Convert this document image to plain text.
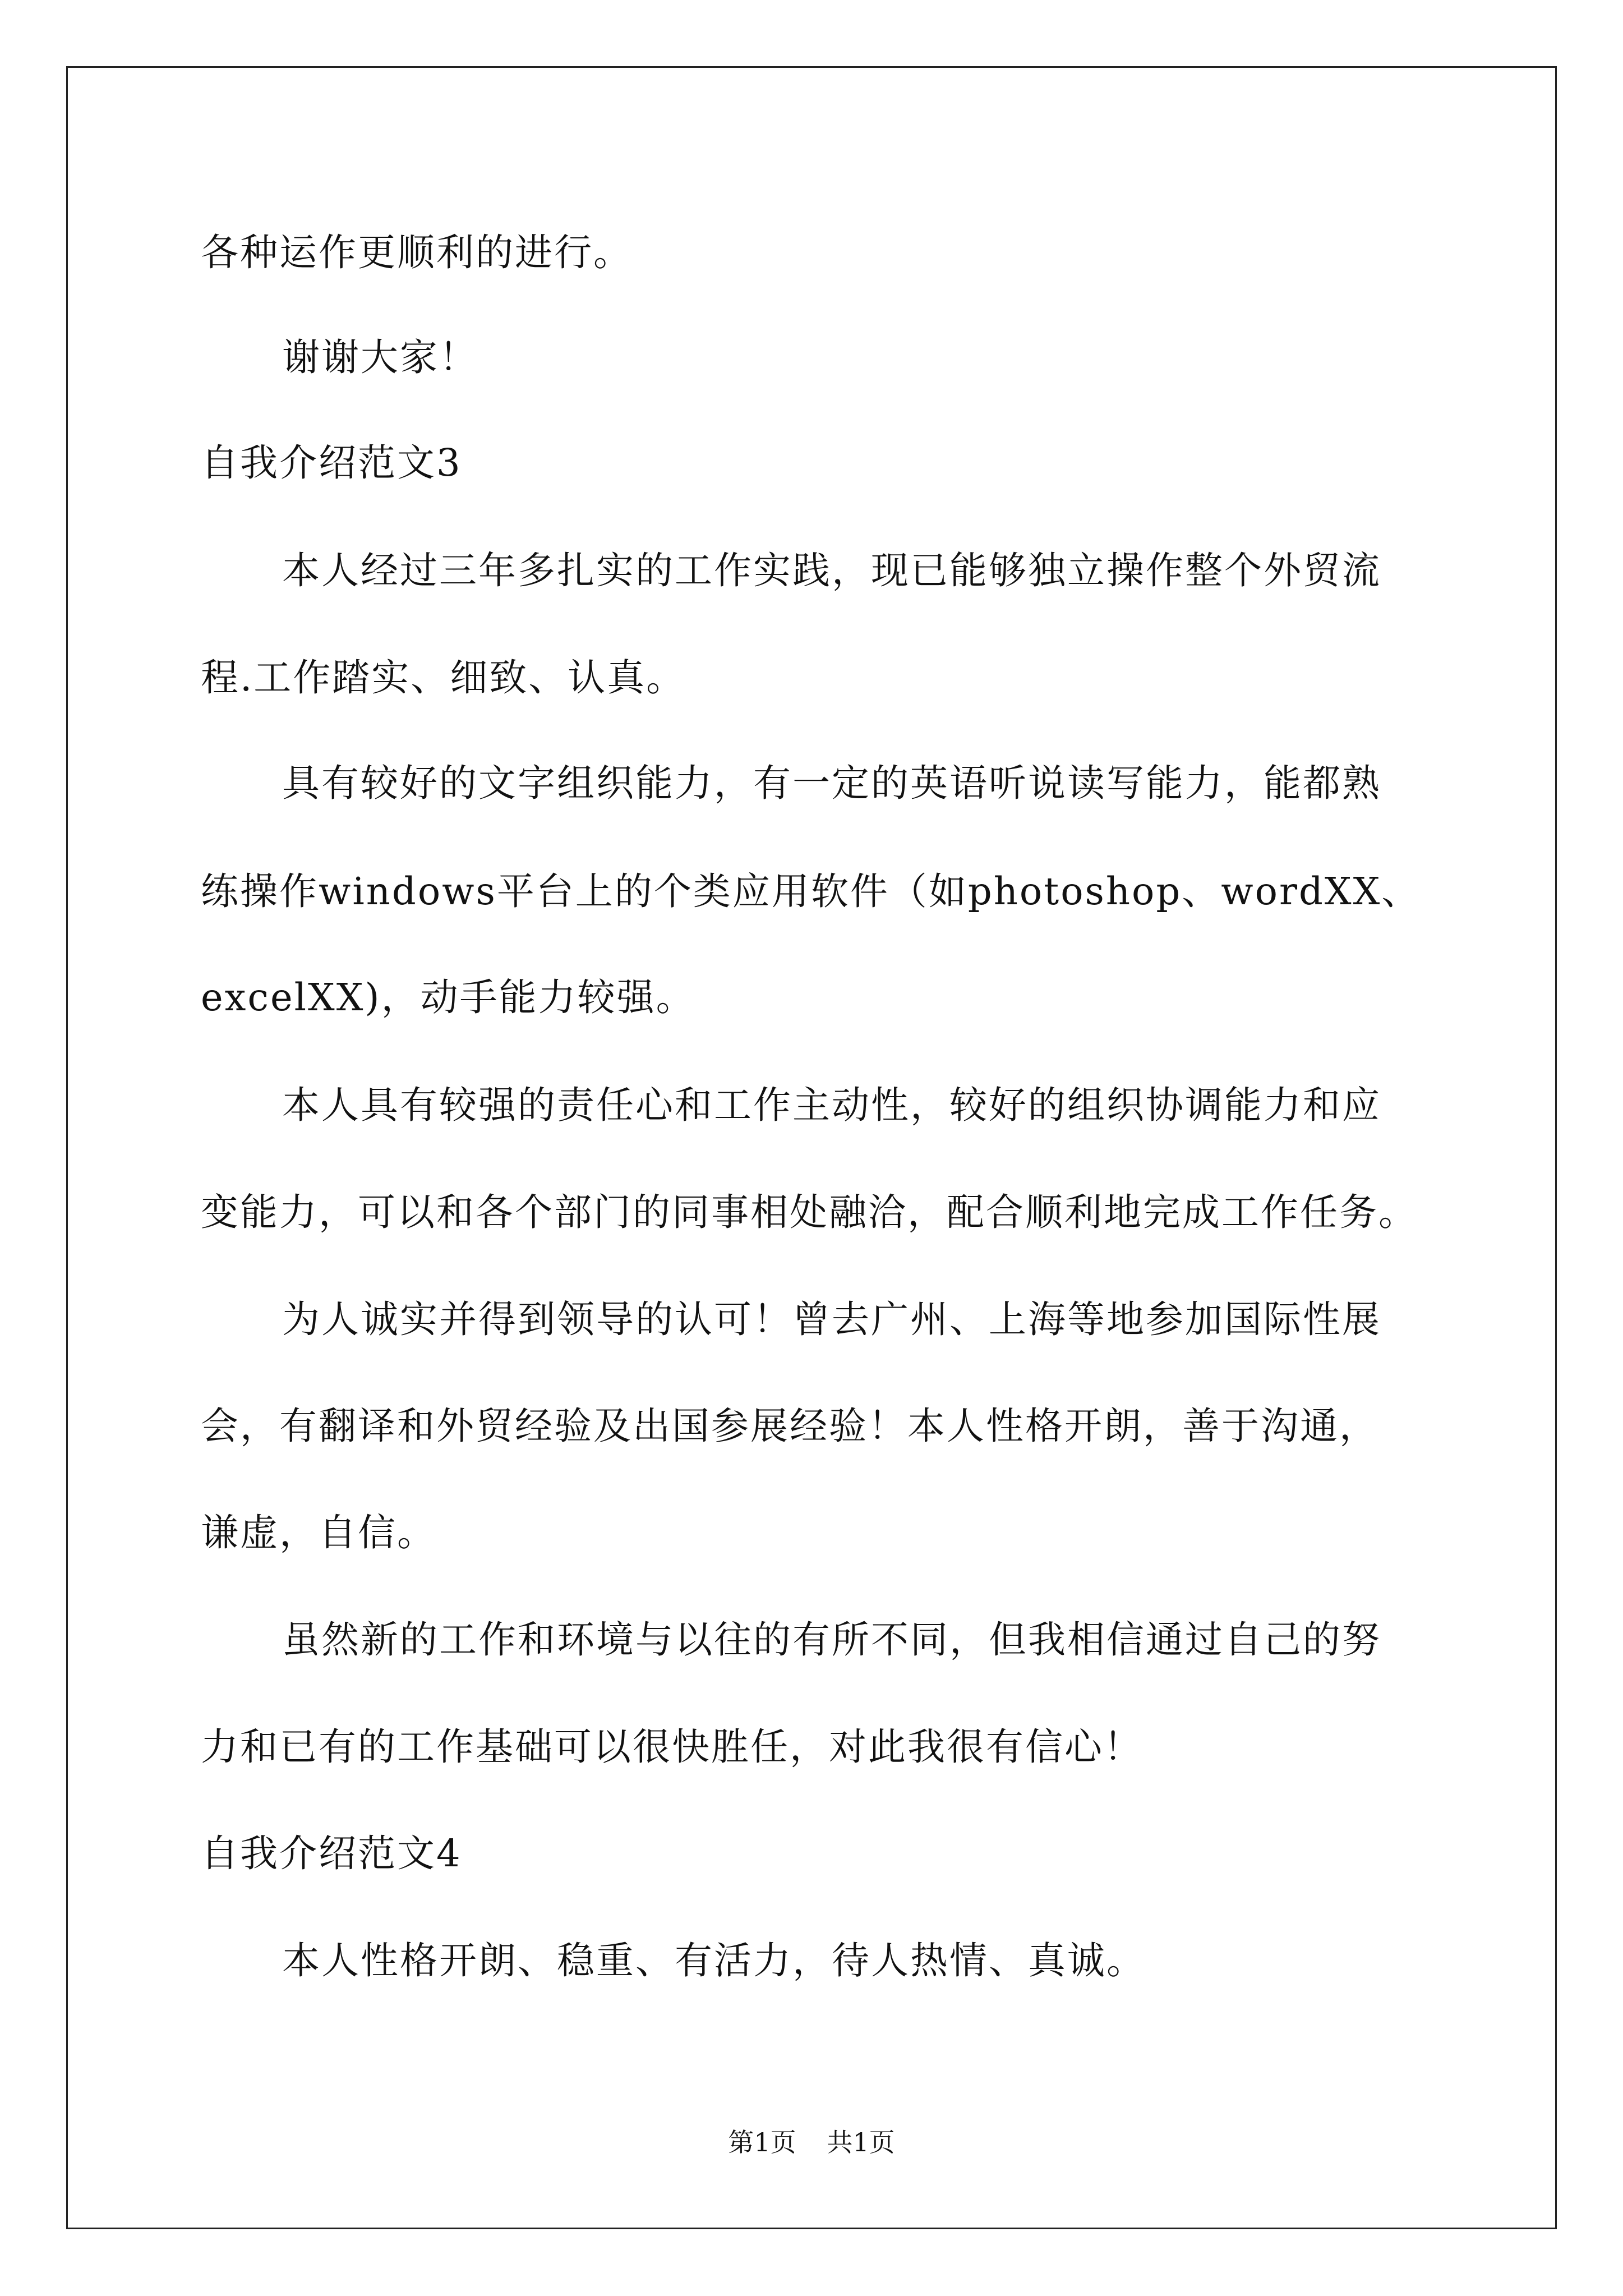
各种运作更顺利的进行。
谢谢大家！
自我介绍范文3
本人经过三年多扎实的工作实践，现已能够独立操作整个外贸流
程.工作踏实、细致、认真。
具有较好的文字组织能力，有一定的英语听说读写能力，能都熟
练操作windows平台上的个类应用软件（如photoshop、wordXX、
excelXX)，动手能力较强。
本人具有较强的责任心和工作主动性，较好的组织协调能力和应
变能力，可以和各个部门的同事相处融洽，配合顺利地完成工作任务。
为人诚实并得到领导的认可！曾去广州、上海等地参加国际性展
会，有翻译和外贸经验及出国参展经验！本人性格开朗，善于沟通，
谦虚，自信。
虽然新的工作和环境与以往的有所不同，但我相信通过自己的努
力和已有的工作基础可以很快胜任，对此我很有信心！
自我介绍范文4
本人性格开朗、稳重、有活力，待人热情、真诚。
第1页 共1页
